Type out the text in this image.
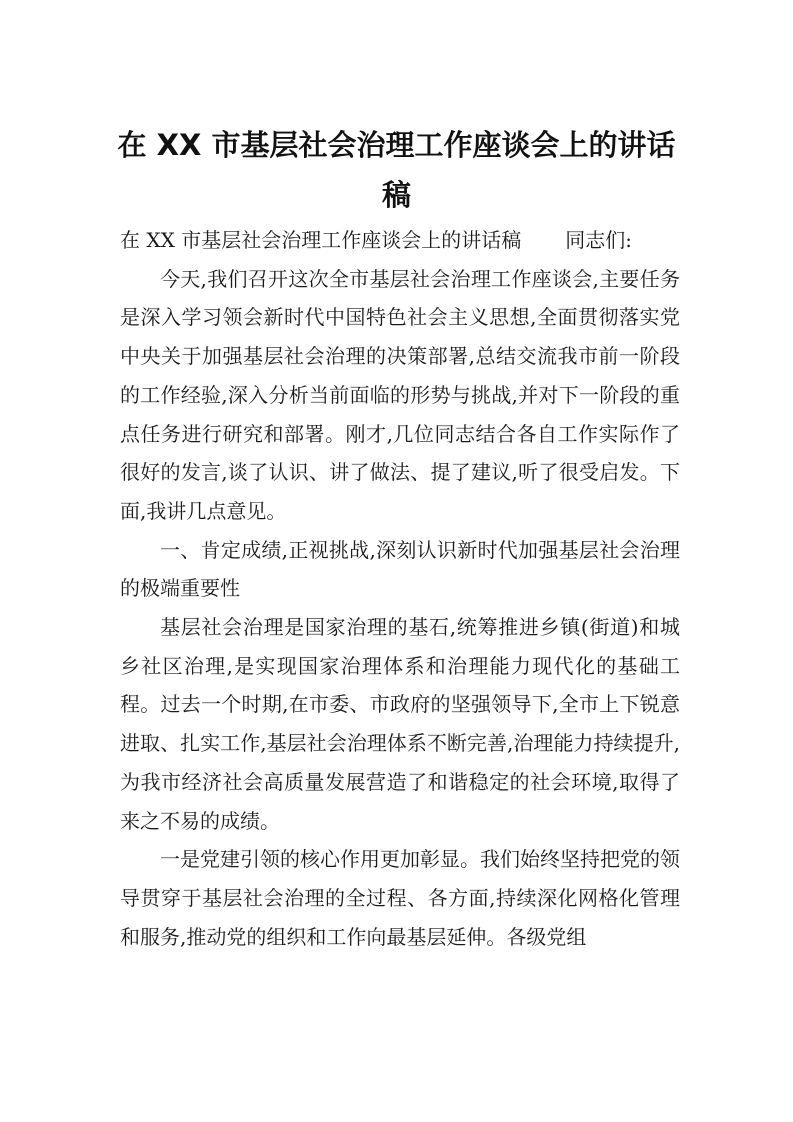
在 XX 市基层社会治理工作座谈会上的讲话
稿

在 XX 市基层社会治理工作座谈会上的讲话稿 同志们:

今天,我们召开这次全市基层社会治理工作座谈会,主要任务是深入学习领会新时代中国特色社会主义思想,全面贯彻落实党中央关于加强基层社会治理的决策部署,总结交流我市前一阶段的工作经验,深入分析当前面临的形势与挑战,并对下一阶段的重点任务进行研究和部署。刚才,几位同志结合各自工作实际作了很好的发言,谈了认识、讲了做法、提了建议,听了很受启发。下面,我讲几点意见。

一、肯定成绩,正视挑战,深刻认识新时代加强基层社会治理的极端重要性

基层社会治理是国家治理的基石,统筹推进乡镇(街道)和城乡社区治理,是实现国家治理体系和治理能力现代化的基础工程。过去一个时期,在市委、市政府的坚强领导下,全市上下锐意进取、扎实工作,基层社会治理体系不断完善,治理能力持续提升,为我市经济社会高质量发展营造了和谐稳定的社会环境,取得了来之不易的成绩。

一是党建引领的核心作用更加彰显。我们始终坚持把党的领导贯穿于基层社会治理的全过程、各方面,持续深化网格化管理和服务,推动党的组织和工作向最基层延伸。各级党组
